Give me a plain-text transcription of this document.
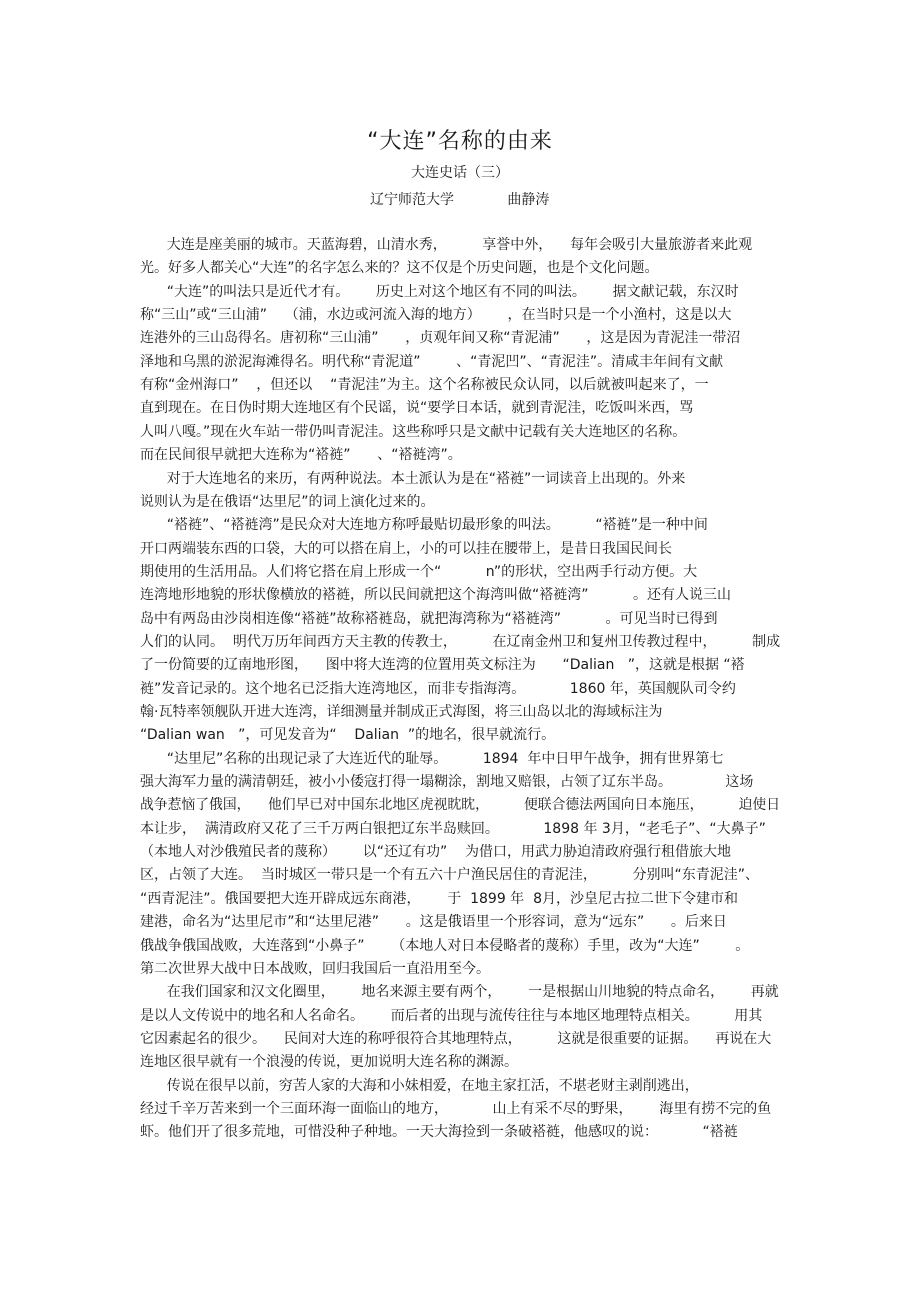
“大连”名称的由来
大连史话（三）
辽宁师范大学            曲静涛
大连是座美丽的城市。天蓝海碧，山清水秀，        享誉中外，    每年会吸引大量旅游者来此观
光。好多人都关心“大连”的名字怎么来的？这不仅是个历史问题，也是个文化问题。
“大连”的叫法只是近代才有。      历史上对这个地区有不同的叫法。      据文献记载，东汉时
称“三山”或“三山浦”    （浦，水边或河流入海的地方）      ，在当时只是一个小渔村，这是以大
连港外的三山岛得名。唐初称“三山浦”      ，贞观年间又称“青泥浦”      ，这是因为青泥洼一带沼
泽地和乌黑的淤泥海滩得名。明代称“青泥道”        、“青泥凹”、“青泥洼”。清咸丰年间有文献
有称“金州海口”    ，但还以    “青泥洼”为主。这个名称被民众认同，以后就被叫起来了，一
直到现在。在日伪时期大连地区有个民谣，说“要学日本话，就到青泥洼，吃饭叫米西，骂
人叫八嘎。”现在火车站一带仍叫青泥洼。这些称呼只是文献中记载有关大连地区的名称。
而在民间很早就把大连称为“褡裢”      、“褡裢湾”。
对于大连地名的来历，有两种说法。本土派认为是在“褡裢”一词读音上出现的。外来
说则认为是在俄语“达里尼”的词上演化过来的。
“褡裢”、“褡裢湾”是民众对大连地方称呼最贴切最形象的叫法。        “褡裢”是一种中间
开口两端装东西的口袋，大的可以搭在肩上，小的可以挂在腰带上，是昔日我国民间长
期使用的生活用品。人们将它搭在肩上形成一个“          n”的形状，空出两手行动方便。大
连湾地形地貌的形状像横放的褡裢，所以民间就把这个海湾叫做“褡裢湾”          。还有人说三山
岛中有两岛由沙岗相连像“褡裢”故称褡裢岛，就把海湾称为“褡裢湾”          。可见当时已得到
人们的认同。  明代万历年间西方天主教的传教士，        在辽南金州卫和复州卫传教过程中，        制成
了一份简要的辽南地形图，    图中将大连湾的位置用英文标注为      “Dalian   ”，这就是根据 “褡
裢”发音记录的。这个地名已泛指大连湾地区，而非专指海湾。          1860 年，英国舰队司令约
翰·瓦特率领舰队开进大连湾，详细测量并制成正式海图，将三山岛以北的海域标注为
“Dalian wan   ”，可见发音为“    Dalian  ”的地名，很早就流行。
“达里尼”名称的出现记录了大连近代的耻辱。        1894  年中日甲午战争，拥有世界第七
强大海军力量的满清朝廷，被小小倭寇打得一塌糊涂，割地又赔银，占领了辽东半岛。            这场
战争惹恼了俄国，    他们早已对中国东北地区虎视眈眈，        便联合德法两国向日本施压，        迫使日
本让步，  满清政府又花了三千万两白银把辽东半岛赎回。          1898 年 3月，“老毛子”、“大鼻子”
（本地人对沙俄殖民者的蔑称）      以“还辽有功”    为借口，用武力胁迫清政府强行租借旅大地
区，占领了大连。  当时城区一带只是一个有五六十户渔民居住的青泥洼，        分别叫“东青泥洼”、
“西青泥洼”。俄国要把大连开辟成远东商港，      于  1899 年  8月，沙皇尼古拉二世下令建市和
建港，命名为“达里尼市”和“达里尼港”      。这是俄语里一个形容词，意为“远东”      。后来日
俄战争俄国战败，大连落到“小鼻子”      （本地人对日本侵略者的蔑称）手里，改为“大连”        。
第二次世界大战中日本战败，回归我国后一直沿用至今。
在我们国家和汉文化圈里，      地名来源主要有两个，      一是根据山川地貌的特点命名，      再就
是以人文传说中的地名和人名命名。      而后者的出现与流传往往与本地区地理特点相关。        用其
它因素起名的很少。    民间对大连的称呼很符合其地理特点，        这就是很重要的证据。    再说在大
连地区很早就有一个浪漫的传说，更加说明大连名称的渊源。
传说在很早以前，穷苦人家的大海和小妹相爱，在地主家扛活，不堪老财主剥削逃出，
经过千辛万苦来到一个三面环海一面临山的地方，          山上有采不尽的野果，      海里有捞不完的鱼
虾。他们开了很多荒地，可惜没种子种地。一天大海捡到一条破褡裢，他感叹的说：          “褡裢
